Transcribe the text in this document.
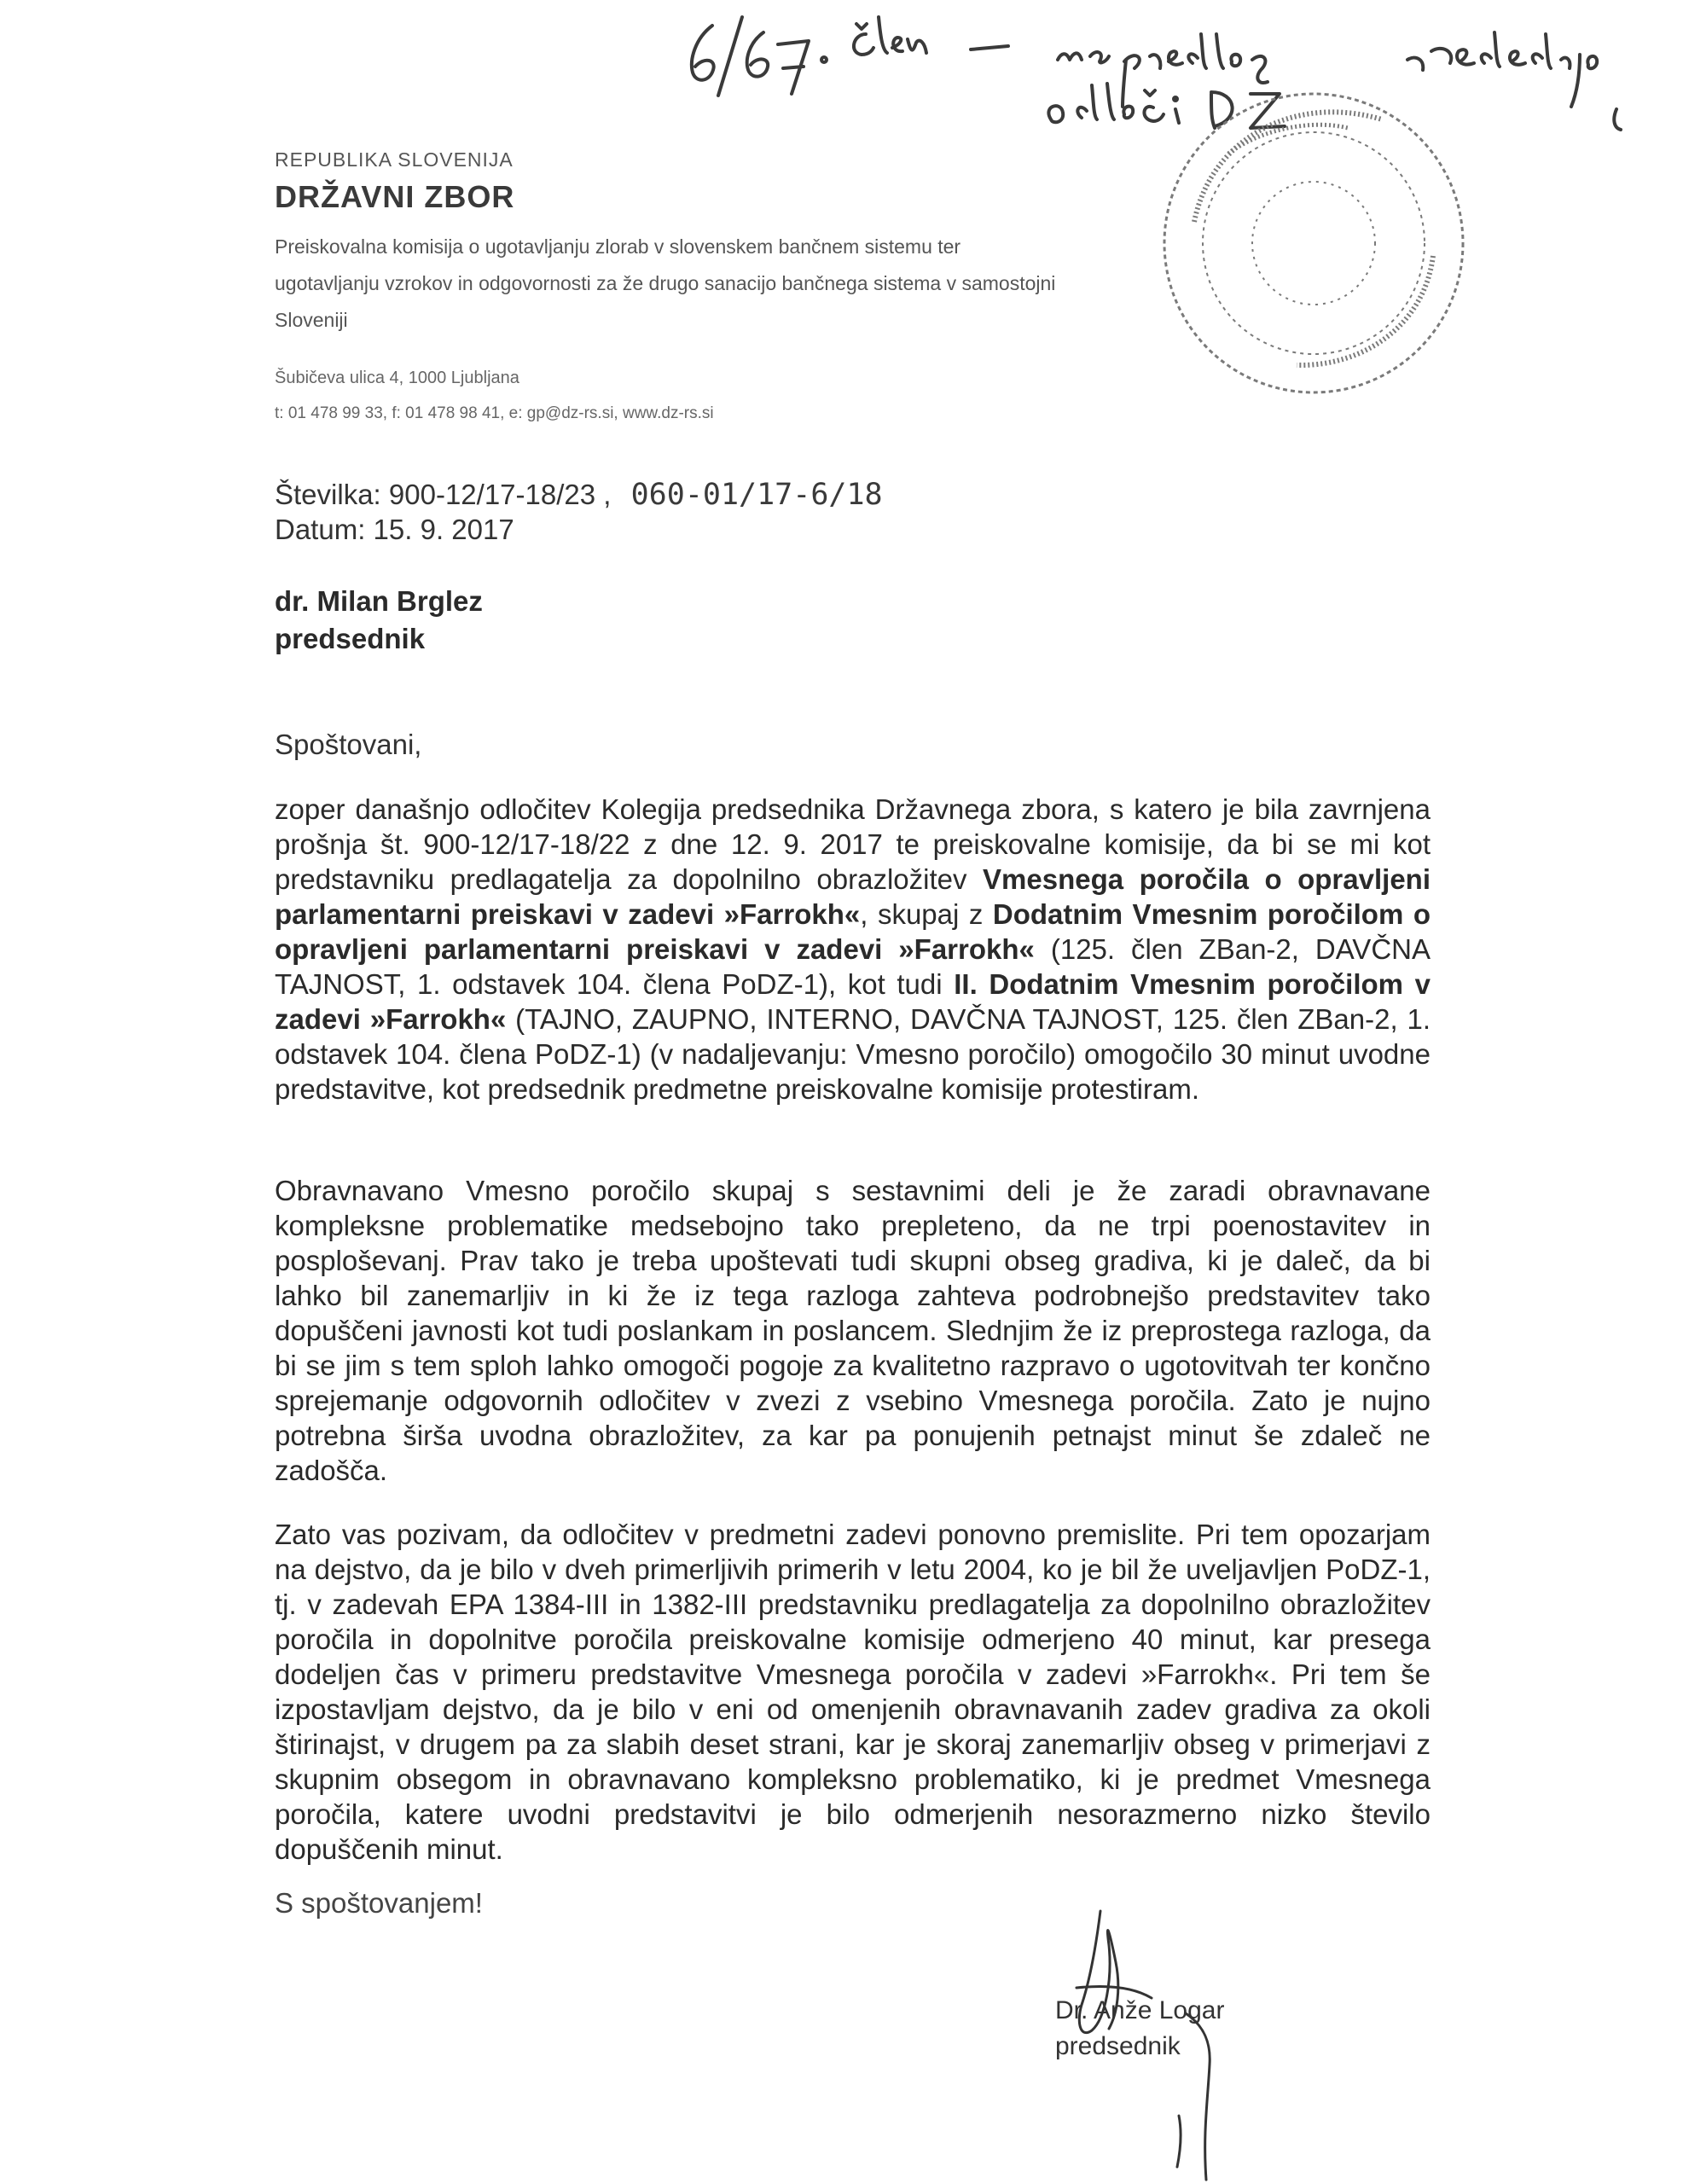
REPUBLIKA SLOVENIJA
DRŽAVNI ZBOR
Preiskovalna komisija o ugotavljanju zlorab v slovenskem bančnem sistemu ter ugotavljanju vzrokov in odgovornosti za že drugo sanacijo bančnega sistema v samostojni Sloveniji
Šubičeva ulica 4, 1000 Ljubljana
t: 01 478 99 33, f: 01 478 98 41, e: gp@dz-rs.si, www.dz-rs.si
Številka: 900-12/17-18/23 , 060-01/17-6/18
Datum: 15. 9. 2017
dr. Milan Brglez
predsednik
Spoštovani,
zoper današnjo odločitev Kolegija predsednika Državnega zbora, s katero je bila zavrnjena prošnja št. 900-12/17-18/22 z dne 12. 9. 2017 te preiskovalne komisije, da bi se mi kot predstavniku predlagatelja za dopolnilno obrazložitev Vmesnega poročila o opravljeni parlamentarni preiskavi v zadevi »Farrokh«, skupaj z Dodatnim Vmesnim poročilom o opravljeni parlamentarni preiskavi v zadevi »Farrokh« (125. člen ZBan-2, DAVČNA TAJNOST, 1. odstavek 104. člena PoDZ-1), kot tudi II. Dodatnim Vmesnim poročilom v zadevi »Farrokh« (TAJNO, ZAUPNO, INTERNO, DAVČNA TAJNOST, 125. člen ZBan-2, 1. odstavek 104. člena PoDZ-1) (v nadaljevanju: Vmesno poročilo) omogočilo 30 minut uvodne predstavitve, kot predsednik predmetne preiskovalne komisije protestiram.
Obravnavano Vmesno poročilo skupaj s sestavnimi deli je že zaradi obravnavane kompleksne problematike medsebojno tako prepleteno, da ne trpi poenostavitev in posploševanj. Prav tako je treba upoštevati tudi skupni obseg gradiva, ki je daleč, da bi lahko bil zanemarljiv in ki že iz tega razloga zahteva podrobnejšo predstavitev tako dopuščeni javnosti kot tudi poslankam in poslancem. Slednjim že iz preprostega razloga, da bi se jim s tem sploh lahko omogoči pogoje za kvalitetno razpravo o ugotovitvah ter končno sprejemanje odgovornih odločitev v zvezi z vsebino Vmesnega poročila. Zato je nujno potrebna širša uvodna obrazložitev, za kar pa ponujenih petnajst minut še zdaleč ne zadošča.
Zato vas pozivam, da odločitev v predmetni zadevi ponovno premislite. Pri tem opozarjam na dejstvo, da je bilo v dveh primerljivih primerih v letu 2004, ko je bil že uveljavljen PoDZ-1, tj. v zadevah EPA 1384-III in 1382-III predstavniku predlagatelja za dopolnilno obrazložitev poročila in dopolnitve poročila preiskovalne komisije odmerjeno 40 minut, kar presega dodeljen čas v primeru predstavitve Vmesnega poročila v zadevi »Farrokh«. Pri tem še izpostavljam dejstvo, da je bilo v eni od omenjenih obravnavanih zadev gradiva za okoli štirinajst, v drugem pa za slabih deset strani, kar je skoraj zanemarljiv obseg v primerjavi z skupnim obsegom in obravnavano kompleksno problematiko, ki je predmet Vmesnega poročila, katere uvodni predstavitvi je bilo odmerjenih nesorazmerno nizko število dopuščenih minut.
S spoštovanjem!
Dr. Anže Logar
predsednik
